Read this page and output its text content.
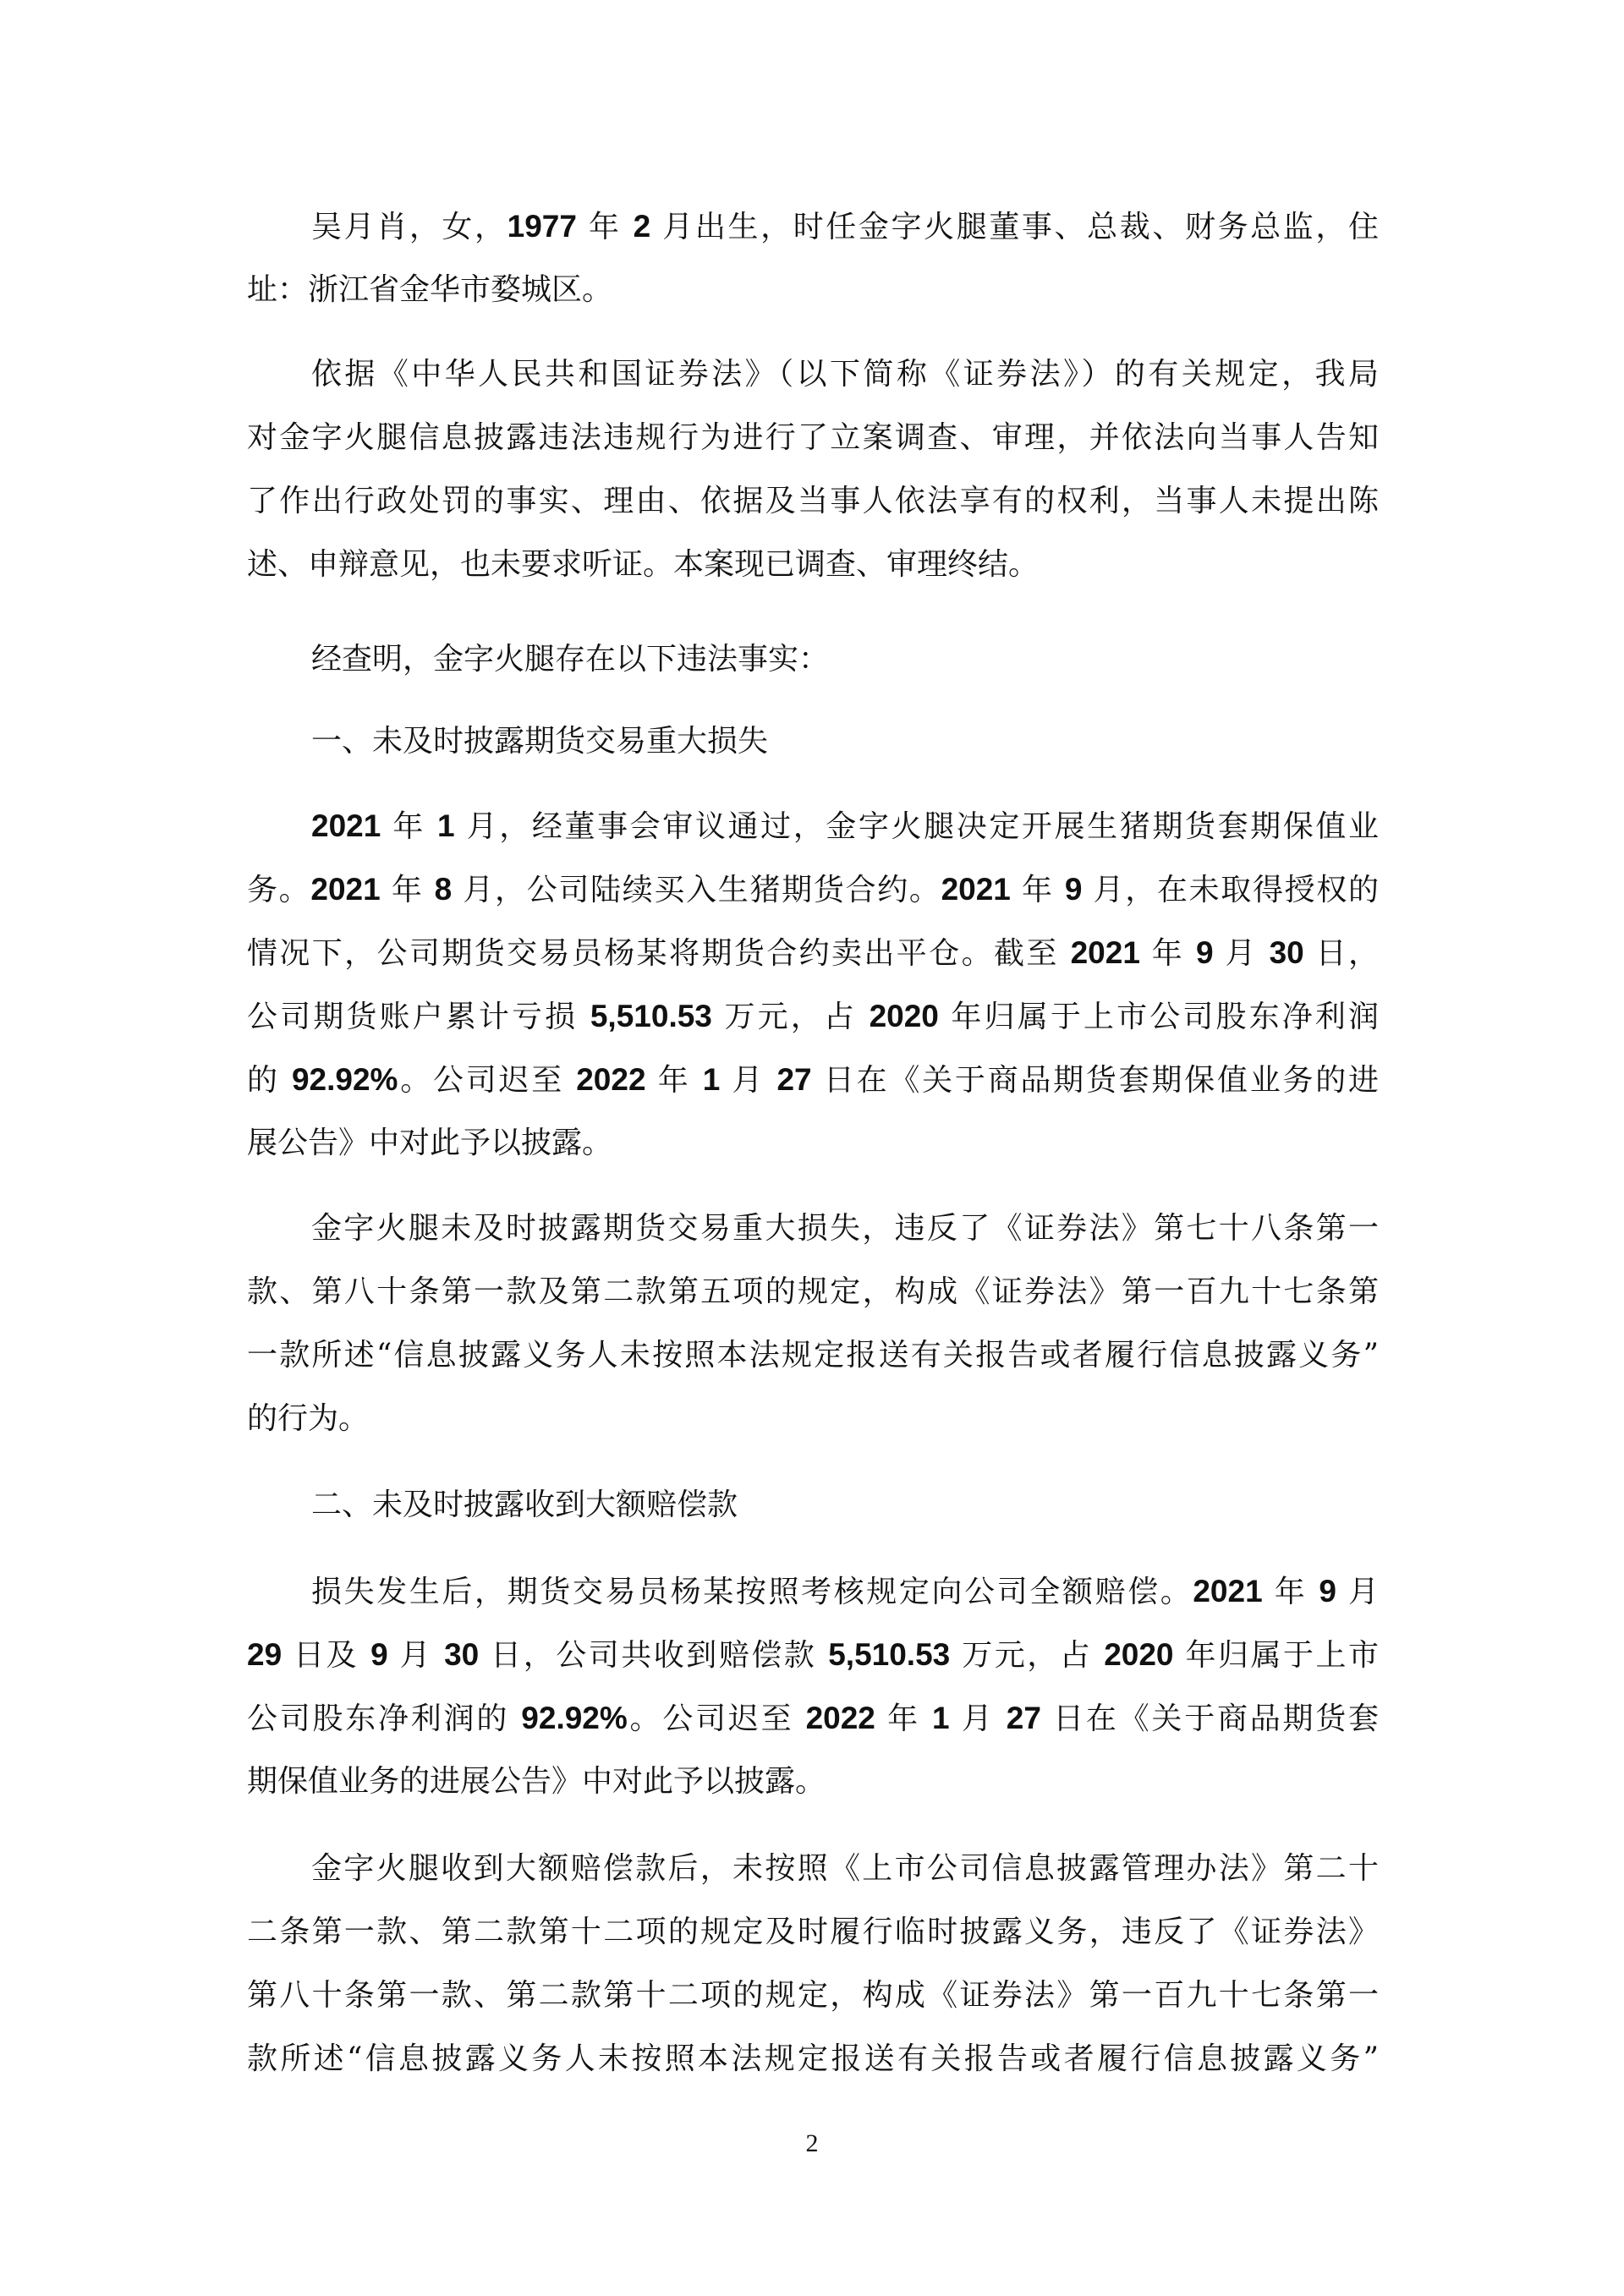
吴月肖，女，1977 年 2 月出生，时任金字火腿董事、总裁、财务总监，住
址：浙江省金华市婺城区。
依据《中华人民共和国证券法》（以下简称《证券法》）的有关规定，我局
对金字火腿信息披露违法违规行为进行了立案调查、审理，并依法向当事人告知
了作出行政处罚的事实、理由、依据及当事人依法享有的权利，当事人未提出陈
述、申辩意见，也未要求听证。本案现已调查、审理终结。
经查明，金字火腿存在以下违法事实：
一、未及时披露期货交易重大损失
2021 年 1 月，经董事会审议通过，金字火腿决定开展生猪期货套期保值业
务。2021 年 8 月，公司陆续买入生猪期货合约。2021 年 9 月，在未取得授权的
情况下，公司期货交易员杨某将期货合约卖出平仓。截至 2021 年 9 月 30 日，
公司期货账户累计亏损 5,510.53 万元，占 2020 年归属于上市公司股东净利润
的 92.92%。公司迟至 2022 年 1 月 27 日在《关于商品期货套期保值业务的进
展公告》中对此予以披露。
金字火腿未及时披露期货交易重大损失，违反了《证券法》第七十八条第一
款、第八十条第一款及第二款第五项的规定，构成《证券法》第一百九十七条第
一款所述“信息披露义务人未按照本法规定报送有关报告或者履行信息披露义务”
的行为。
二、未及时披露收到大额赔偿款
损失发生后，期货交易员杨某按照考核规定向公司全额赔偿。2021 年 9 月
29 日及 9 月 30 日，公司共收到赔偿款 5,510.53 万元，占 2020 年归属于上市
公司股东净利润的 92.92%。公司迟至 2022 年 1 月 27 日在《关于商品期货套
期保值业务的进展公告》中对此予以披露。
金字火腿收到大额赔偿款后，未按照《上市公司信息披露管理办法》第二十
二条第一款、第二款第十二项的规定及时履行临时披露义务，违反了《证券法》
第八十条第一款、第二款第十二项的规定，构成《证券法》第一百九十七条第一
款所述“信息披露义务人未按照本法规定报送有关报告或者履行信息披露义务”
2
